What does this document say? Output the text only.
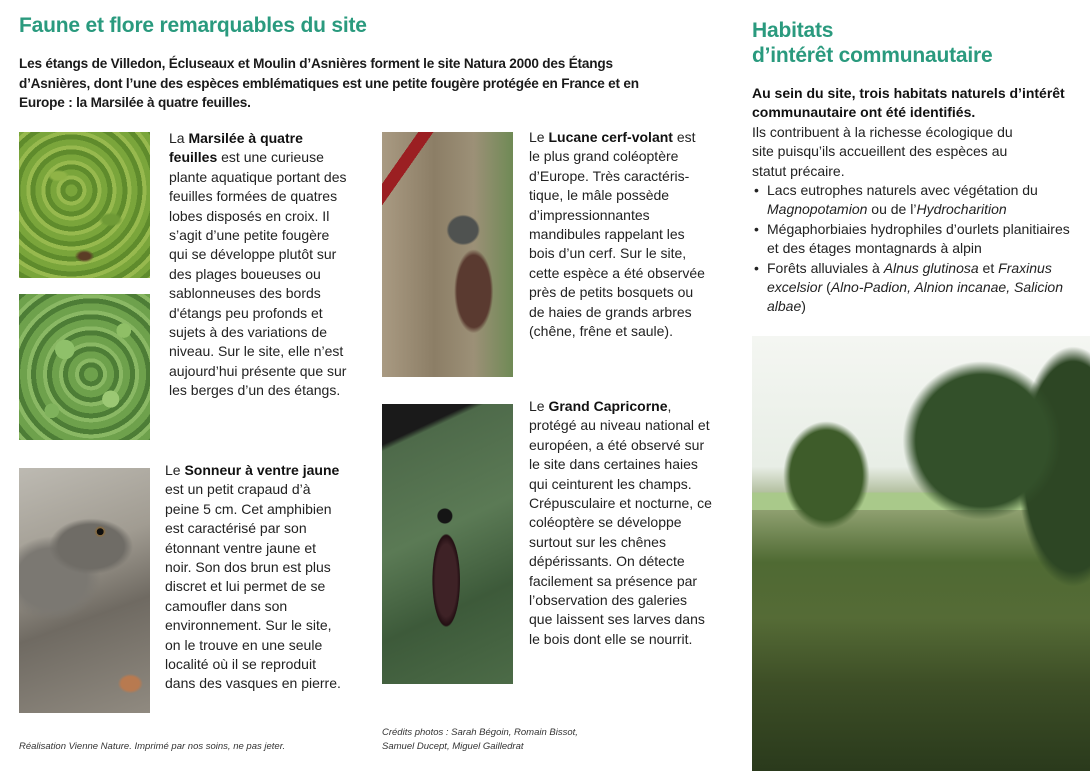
Faune et flore remarquables du site
Les étangs de Villedon, Écluseaux et Moulin d’Asnières forment le site Natura 2000 des Étangs d’Asnières, dont l’une des espèces emblématiques est une petite fougère protégée en France et en Europe : la Marsilée à quatre feuilles.
La Marsilée à quatre feuilles est une curieuse plante aquatique portant des feuilles formées de quatres lobes disposés en croix. Il s’agit d’une petite fougère qui se développe plutôt sur des plages boueuses ou sablonneuses des bords d'étangs peu profonds et sujets à des variations de niveau. Sur le site, elle n’est aujourd’hui présente que sur les berges d’un des étangs.
Le Sonneur à ventre jaune est un petit crapaud d’à peine 5 cm. Cet amphibien est caractérisé par son étonnant ventre jaune et noir. Son dos brun est plus discret et lui permet de se camoufler dans son environnement. Sur le site, on le trouve en une seule localité où il se reproduit dans des vasques en pierre.
Le Lucane cerf-volant est le plus grand coléoptère d’Europe. Très caractéris-tique, le mâle possède d’impressionnantes mandibules rappelant les bois d’un cerf. Sur le site, cette espèce a été observée près de petits bosquets ou de haies de grands arbres (chêne, frêne et saule).
Le Grand Capricorne, protégé au niveau national et européen, a été observé sur le site dans certaines haies qui ceinturent les champs. Crépusculaire et nocturne, ce coléoptère se développe surtout sur les chênes dépérissants. On détecte facilement sa présence par l’observation des galeries que laissent ses larves dans le bois dont elle se nourrit.
Réalisation Vienne Nature. Imprimé par nos soins, ne pas jeter.
Crédits photos : Sarah Bégoin, Romain Bissot,
Samuel Ducept, Miguel Gailledrat
Habitats
d’intérêt communautaire
Au sein du site, trois habitats naturels d’intérêt communautaire ont été identifiés.
Ils contribuent à la richesse écologique du site puisqu’ils accueillent des espèces au statut précaire.
• Lacs eutrophes naturels avec végétation du Magnopotamion ou de l’Hydrocharition
• Mégaphorbiaies hydrophiles d’ourlets planitiaires et des étages montagnards à alpin
• Forêts alluviales à Alnus glutinosa et Fraxinus excelsior (Alno-Padion, Alnion incanae, Salicion albae)
